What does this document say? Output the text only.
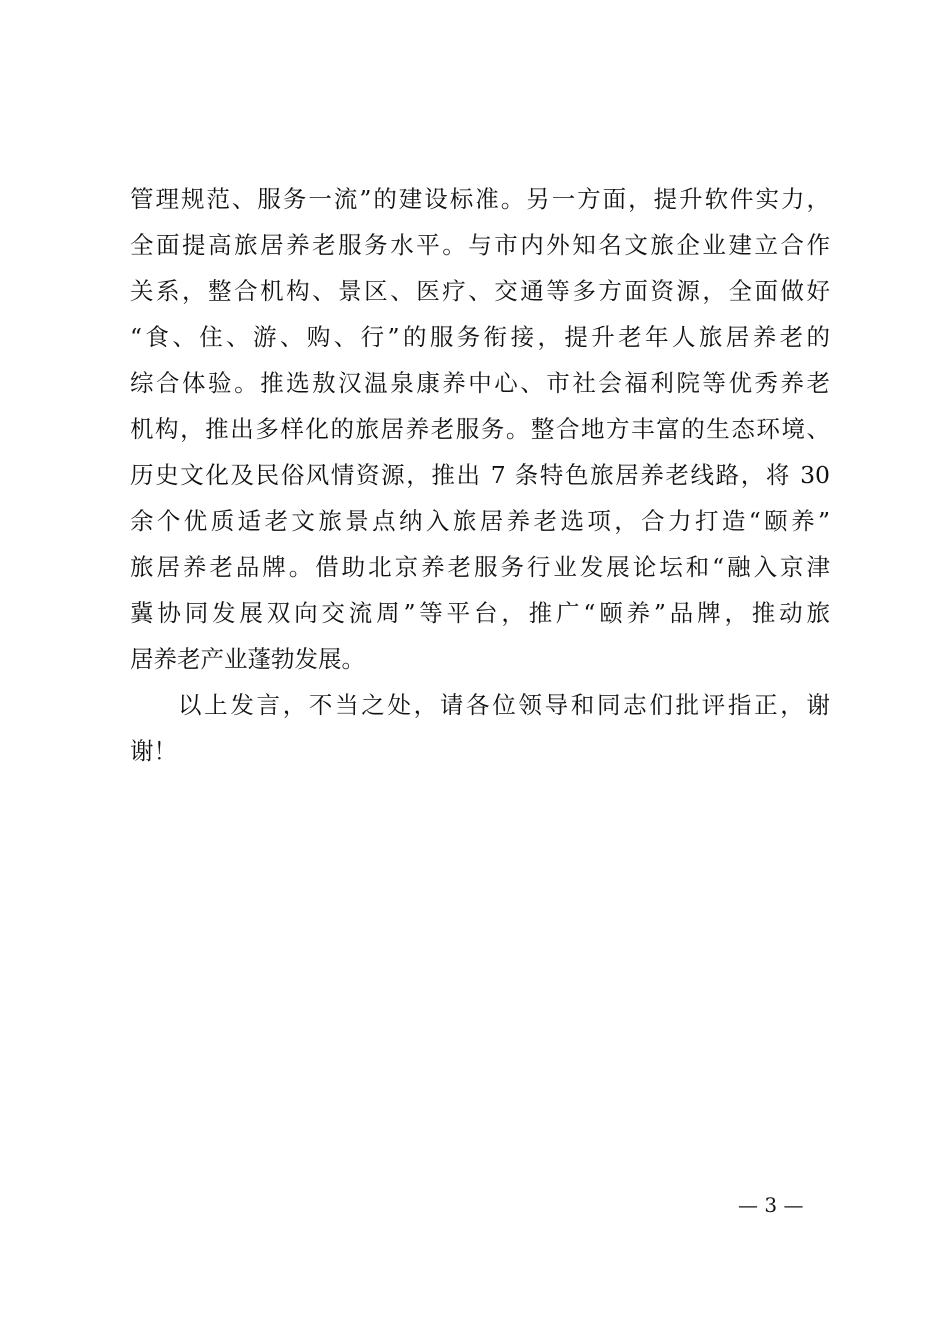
管理规范、服务一流”的建设标准。另一方面，提升软件实力，
全面提高旅居养老服务水平。与市内外知名文旅企业建立合作
关系，整合机构、景区、医疗、交通等多方面资源，全面做好
“食、住、游、购、行”的服务衔接，提升老年人旅居养老的
综合体验。推选敖汉温泉康养中心、市社会福利院等优秀养老
机构，推出多样化的旅居养老服务。整合地方丰富的生态环境、
历史文化及民俗风情资源，推出 7 条特色旅居养老线路，将 30
余个优质适老文旅景点纳入旅居养老选项，合力打造“颐养”
旅居养老品牌。借助北京养老服务行业发展论坛和“融入京津
冀协同发展双向交流周”等平台，推广“颐养”品牌，推动旅
居养老产业蓬勃发展。
以上发言，不当之处，请各位领导和同志们批评指正，谢
谢！
— 3 —
